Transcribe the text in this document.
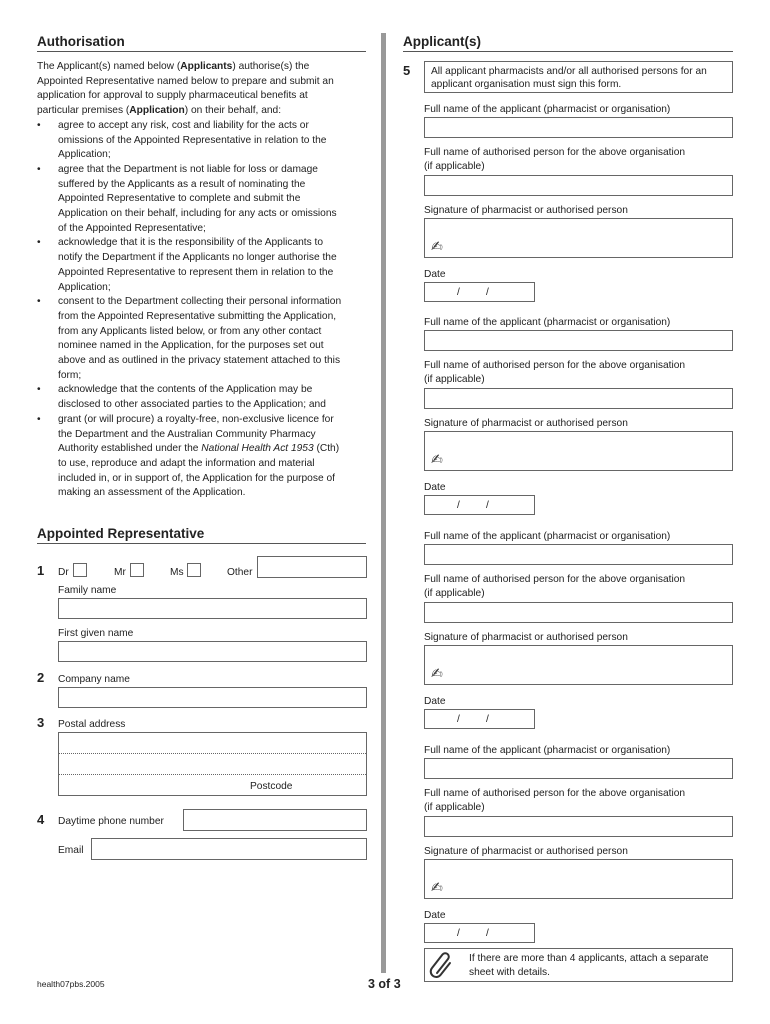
Authorisation
The Applicant(s) named below (Applicants) authorise(s) the
Appointed Representative named below to prepare and submit an
application for approval to supply pharmaceutical benefits at
particular premises (Application) on their behalf, and:
• agree to accept any risk, cost and liability for the acts or
omissions of the Appointed Representative in relation to the
Application;
• agree that the Department is not liable for loss or damage
suffered by the Applicants as a result of nominating the
Appointed Representative to complete and submit the
Application on their behalf, including for any acts or omissions
of the Appointed Representative;
• acknowledge that it is the responsibility of the Applicants to
notify the Department if the Applicants no longer authorise the
Appointed Representative to represent them in relation to the
Application;
• consent to the Department collecting their personal information
from the Appointed Representative submitting the Application,
from any Applicants listed below, or from any other contact
nominee named in the Application, for the purposes set out
above and as outlined in the privacy statement attached to this
form;
• acknowledge that the contents of the Application may be
disclosed to other associated parties to the Application; and
• grant (or will procure) a royalty-free, non-exclusive licence for
the Department and the Australian Community Pharmacy
Authority established under the National Health Act 1953 (Cth)
to use, reproduce and adapt the information and material
included in, or in support of, the Application for the purpose of
making an assessment of the Application.
Appointed Representative
1 Dr	Mr	Ms	Other
Family name
First given name
2 Company name
3 Postal address
Postcode
4 Daytime phone number
Email
health07pbs.2005	3 of 3
Applicant(s)
5 All applicant pharmacists and/or all authorised persons for an
applicant organisation must sign this form.
Full name of the applicant (pharmacist or organisation)
Full name of authorised person for the above organisation
(if applicable)
Signature of pharmacist or authorised person
✍
Date
/	/
Full name of the applicant (pharmacist or organisation)
Full name of authorised person for the above organisation
(if applicable)
Signature of pharmacist or authorised person
✍
Date
/	/
Full name of the applicant (pharmacist or organisation)
Full name of authorised person for the above organisation
(if applicable)
Signature of pharmacist or authorised person
✍
Date
/	/
Full name of the applicant (pharmacist or organisation)
Full name of authorised person for the above organisation
(if applicable)
Signature of pharmacist or authorised person
✍
Date
/	/
If there are more than 4 applicants, attach a separate
sheet with details.
